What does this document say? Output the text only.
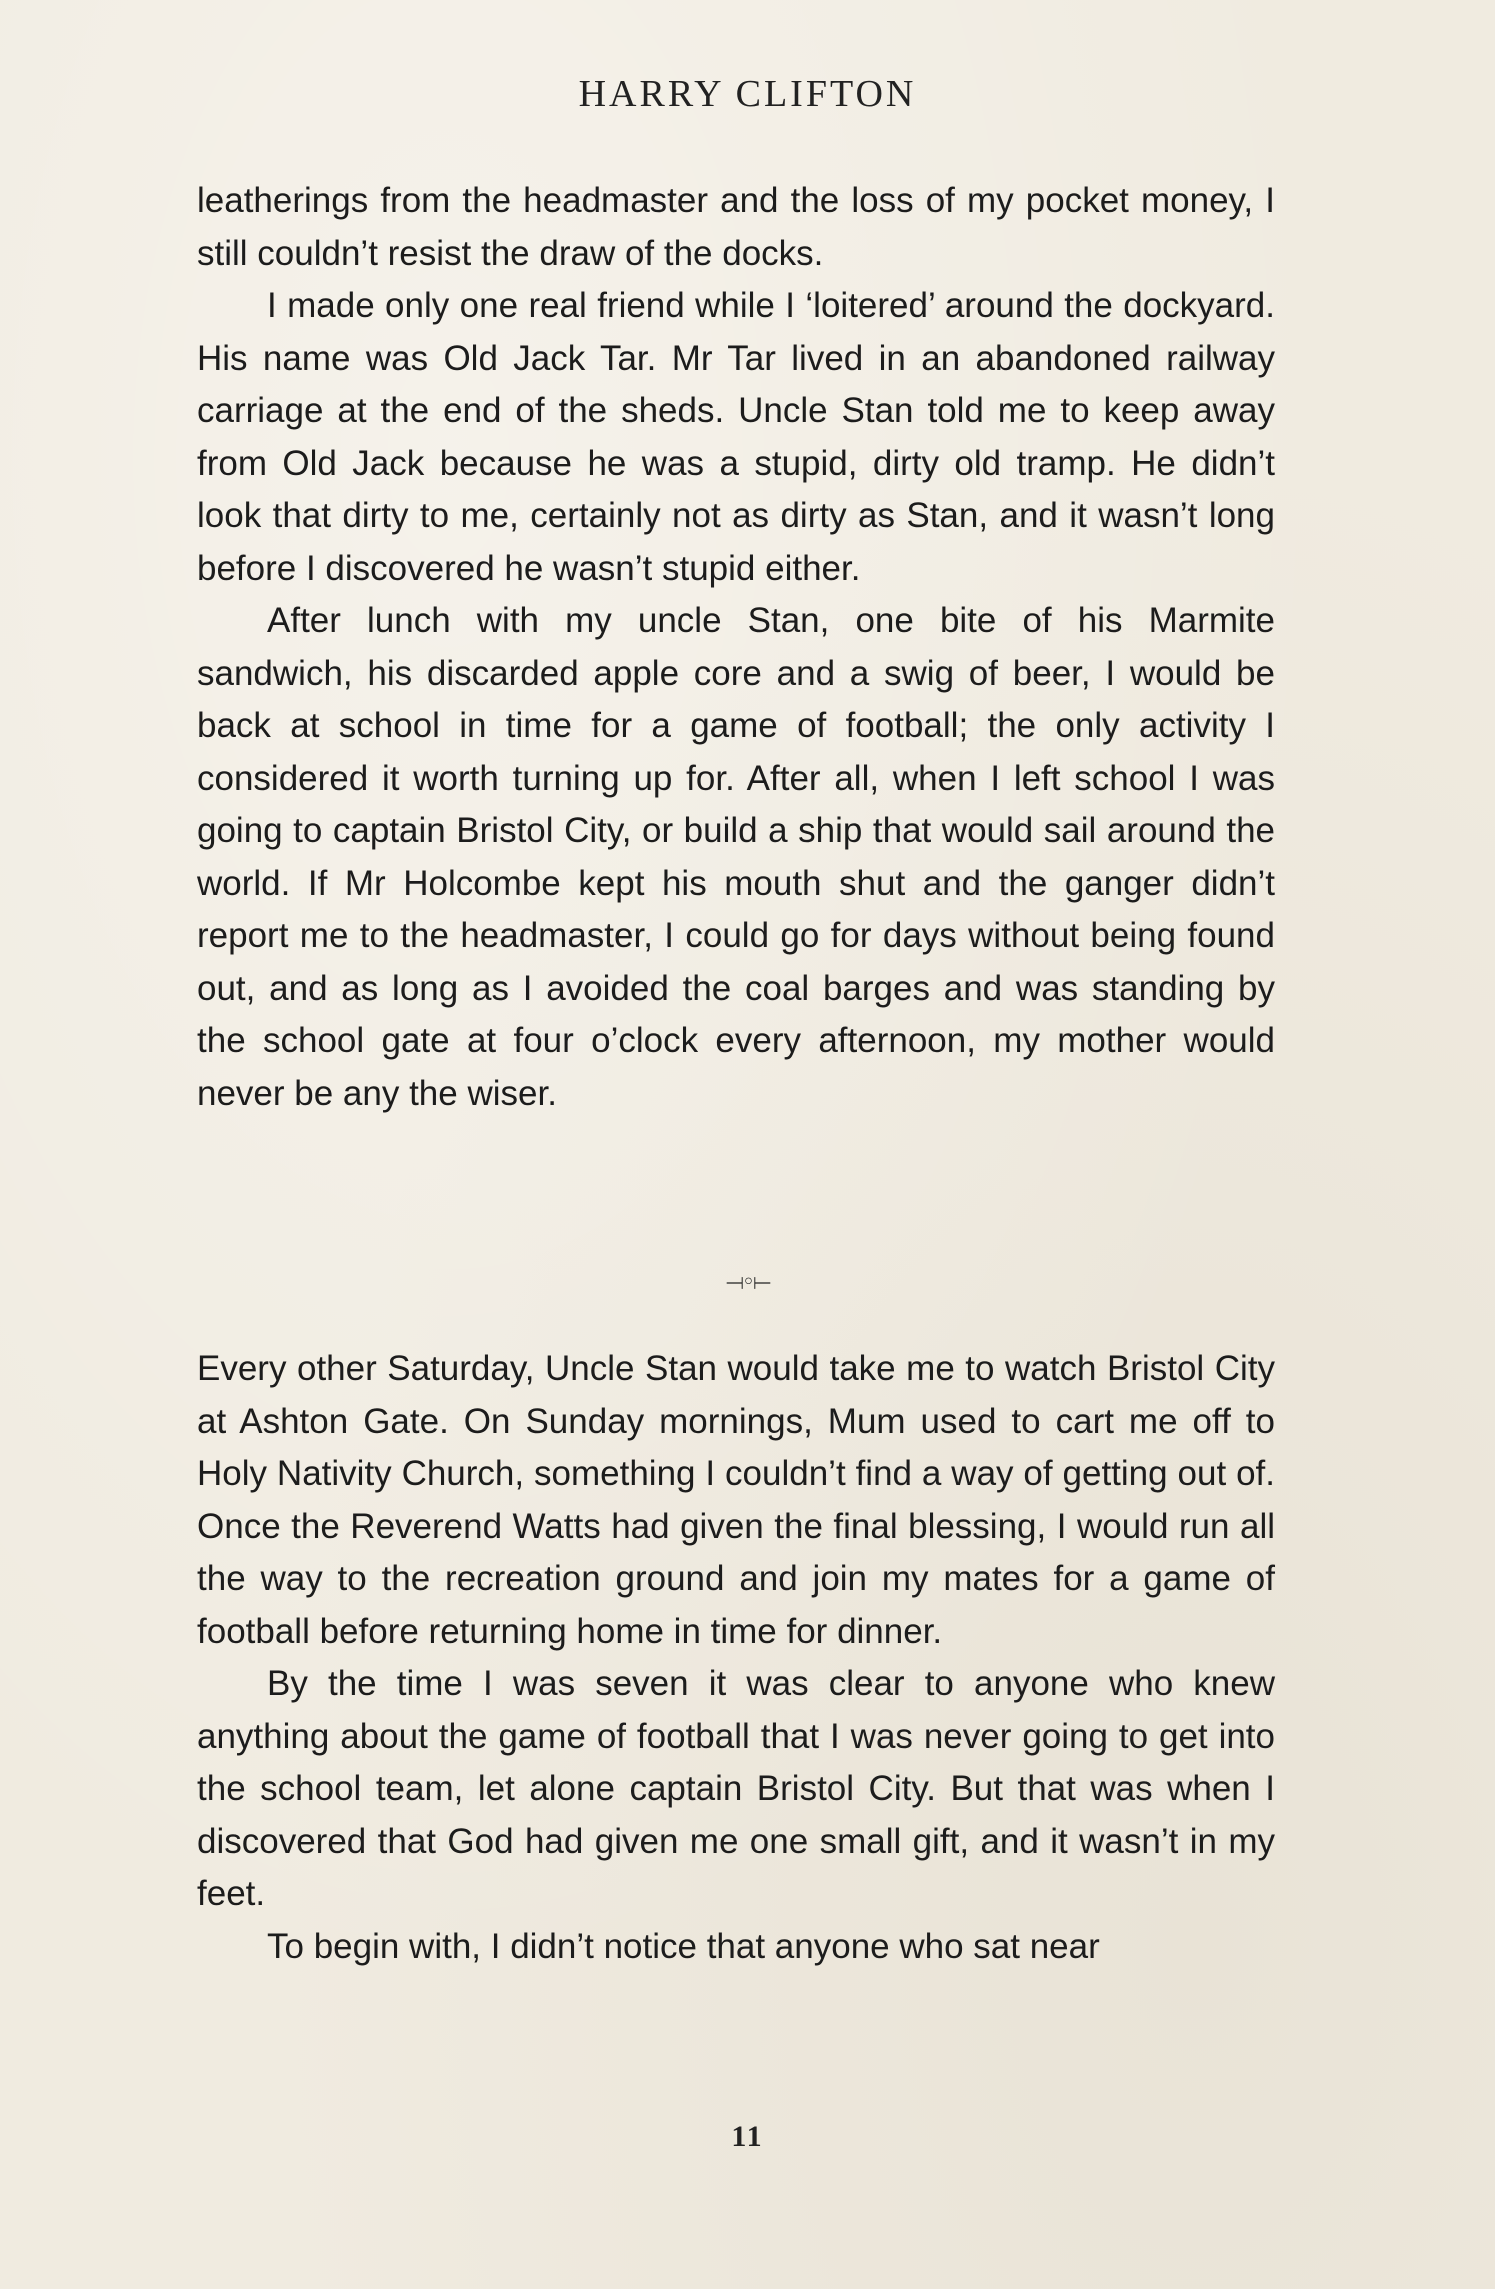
HARRY CLIFTON

leatherings from the headmaster and the loss of my pocket money, I still couldn’t resist the draw of the docks.

I made only one real friend while I ‘loitered’ around the dockyard. His name was Old Jack Tar. Mr Tar lived in an abandoned railway carriage at the end of the sheds. Uncle Stan told me to keep away from Old Jack because he was a stupid, dirty old tramp. He didn’t look that dirty to me, certainly not as dirty as Stan, and it wasn’t long before I discovered he wasn’t stupid either.

After lunch with my uncle Stan, one bite of his Marmite sandwich, his discarded apple core and a swig of beer, I would be back at school in time for a game of football; the only activity I considered it worth turning up for. After all, when I left school I was going to captain Bristol City, or build a ship that would sail around the world. If Mr Holcombe kept his mouth shut and the ganger didn’t report me to the headmaster, I could go for days without being found out, and as long as I avoided the coal barges and was standing by the school gate at four o’clock every afternoon, my mother would never be any the wiser.

⟞◦⟝

Every other Saturday, Uncle Stan would take me to watch Bristol City at Ashton Gate. On Sunday mornings, Mum used to cart me off to Holy Nativity Church, something I couldn’t find a way of getting out of. Once the Reverend Watts had given the final blessing, I would run all the way to the recreation ground and join my mates for a game of football before returning home in time for dinner.

By the time I was seven it was clear to anyone who knew anything about the game of football that I was never going to get into the school team, let alone captain Bristol City. But that was when I discovered that God had given me one small gift, and it wasn’t in my feet.

To begin with, I didn’t notice that anyone who sat near

11
